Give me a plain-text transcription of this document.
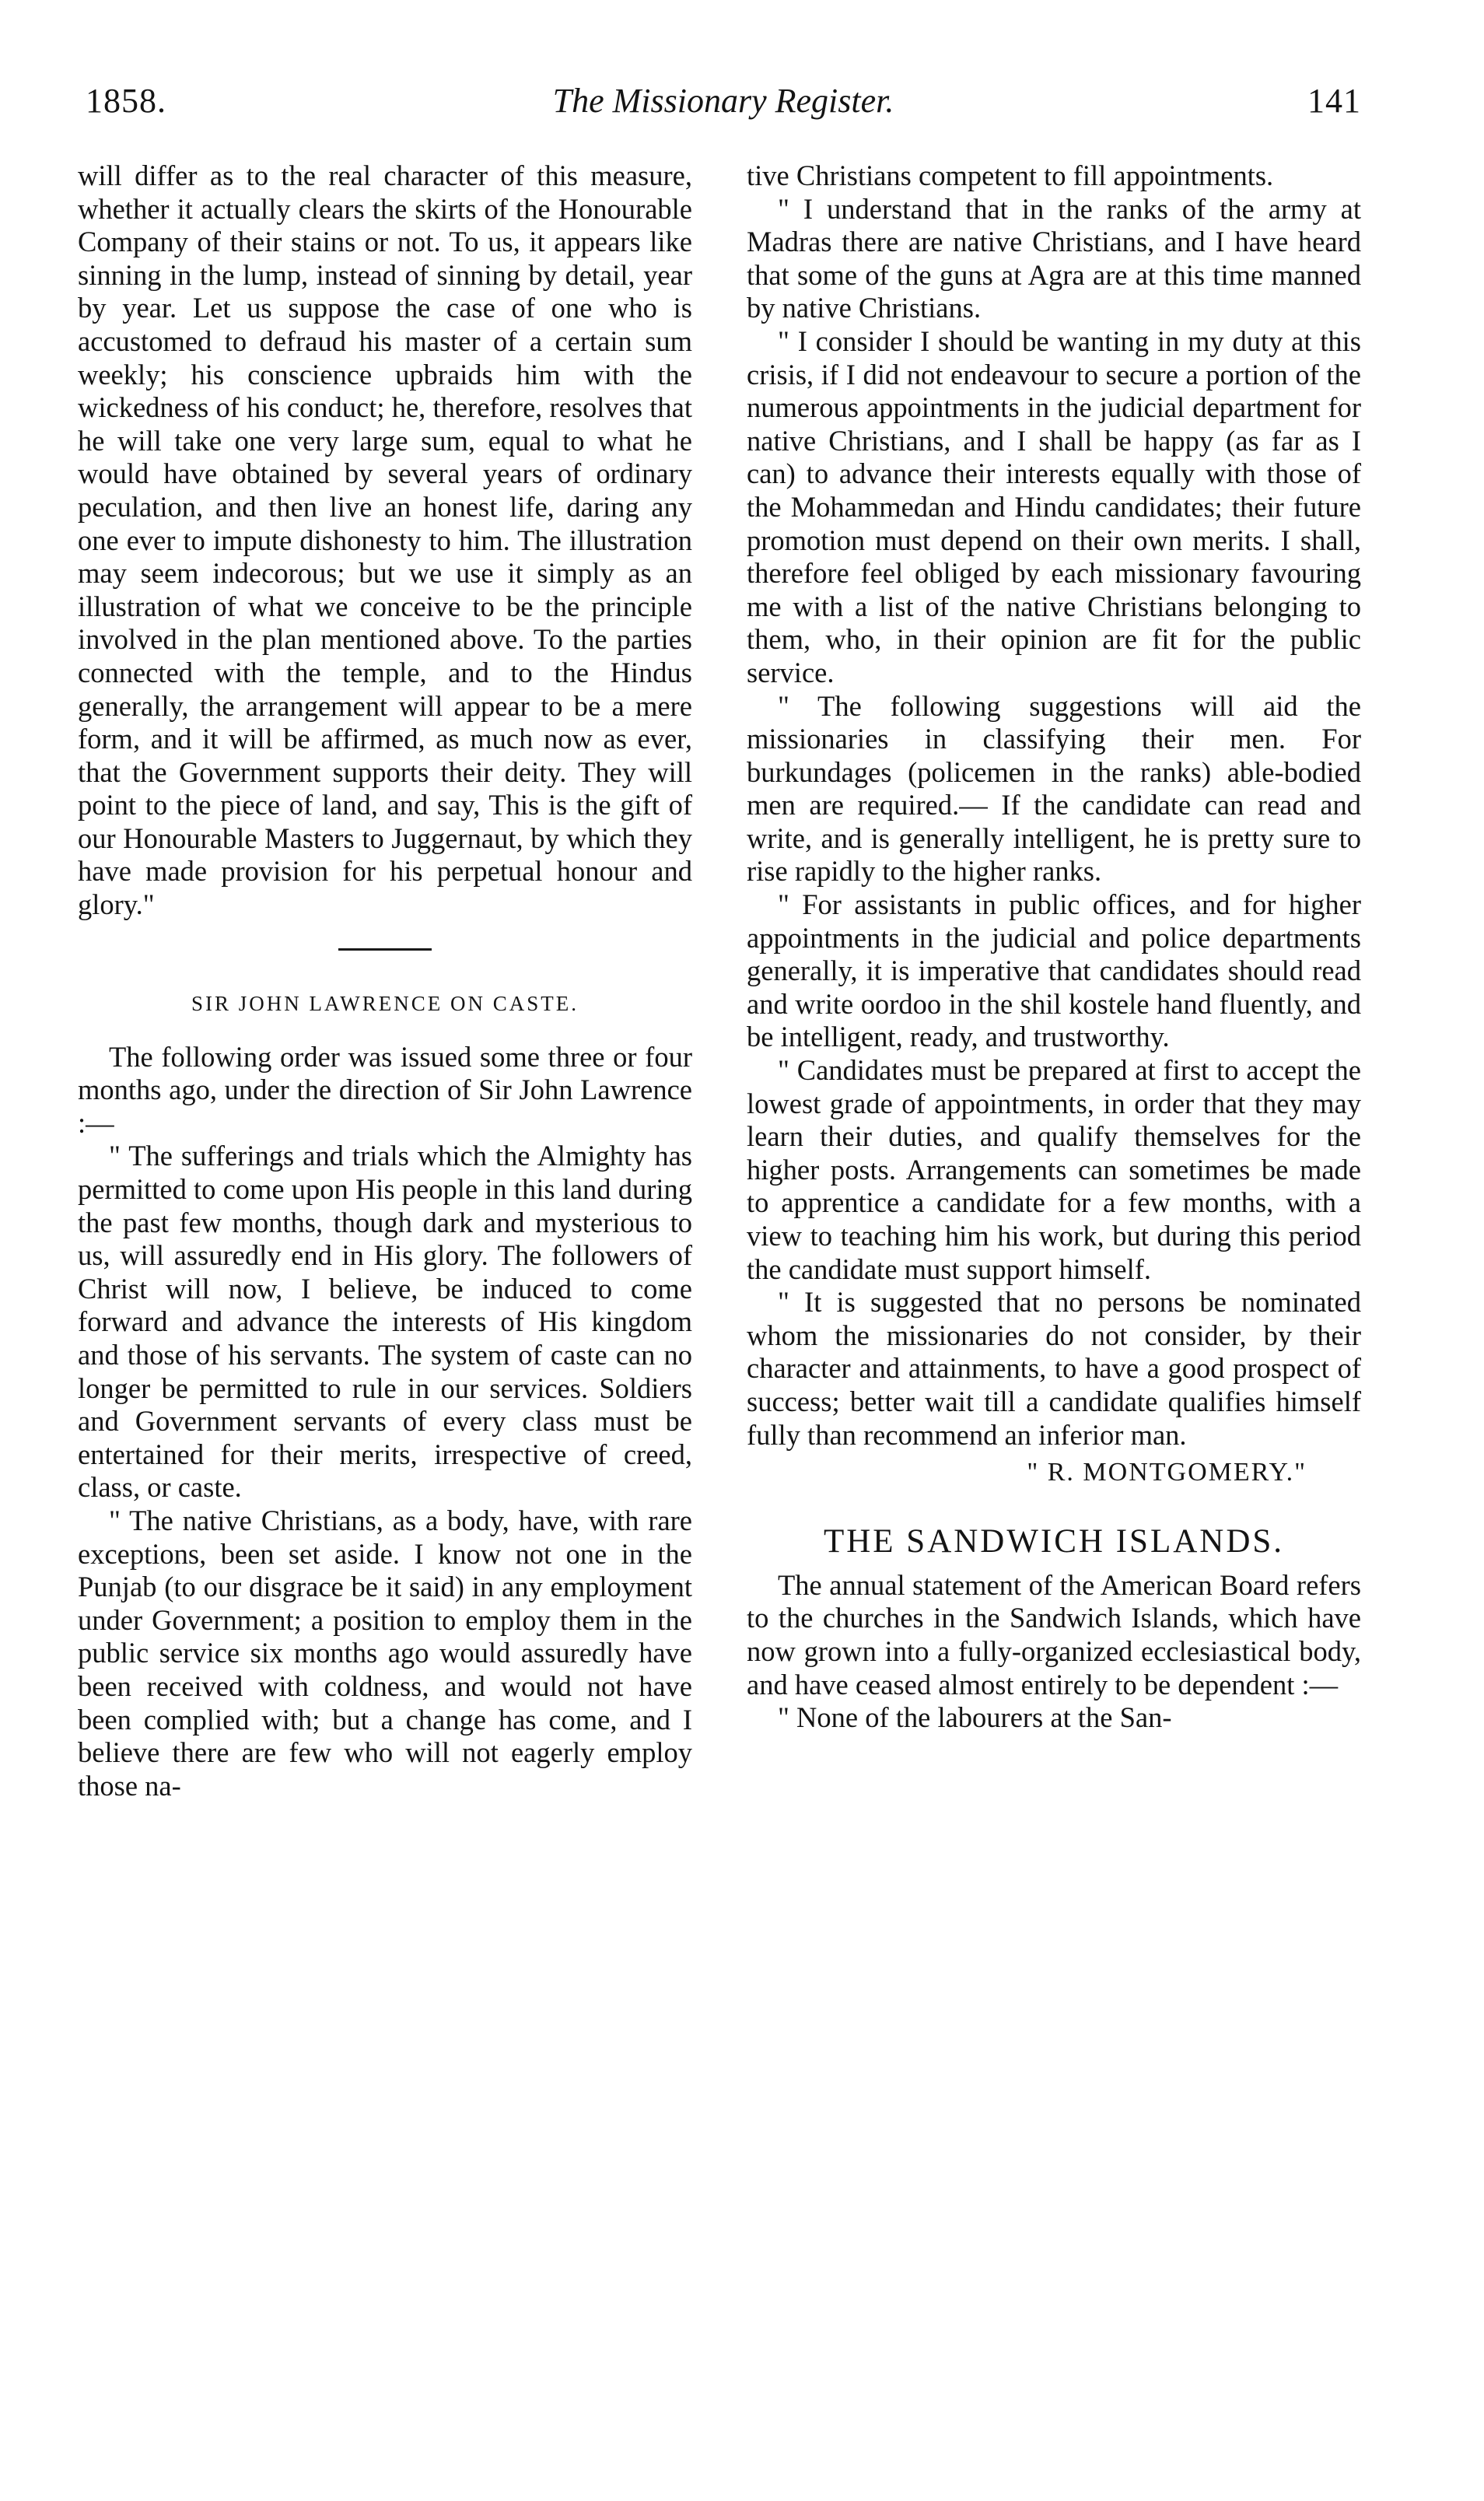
1858.	The Missionary Register.	141

will differ as to the real character of this measure, whether it actually clears the skirts of the Honourable Company of their stains or not. To us, it appears like sinning in the lump, instead of sinning by detail, year by year. Let us suppose the case of one who is accustomed to defraud his master of a certain sum weekly; his conscience upbraids him with the wickedness of his conduct; he, therefore, resolves that he will take one very large sum, equal to what he would have obtained by several years of ordinary peculation, and then live an honest life, daring any one ever to impute dishonesty to him. The illustration may seem indecorous; but we use it simply as an illustration of what we conceive to be the principle involved in the plan mentioned above. To the parties connected with the temple, and to the Hindus generally, the arrangement will appear to be a mere form, and it will be affirmed, as much now as ever, that the Government supports their deity. They will point to the piece of land, and say, This is the gift of our Honourable Masters to Juggernaut, by which they have made provision for his perpetual honour and glory."

SIR JOHN LAWRENCE ON CASTE.

The following order was issued some three or four months ago, under the direction of Sir John Lawrence :—

" The sufferings and trials which the Almighty has permitted to come upon His people in this land during the past few months, though dark and mysterious to us, will assuredly end in His glory. The followers of Christ will now, I believe, be induced to come forward and advance the interests of His kingdom and those of his servants. The system of caste can no longer be permitted to rule in our services. Soldiers and Government servants of every class must be entertained for their merits, irrespective of creed, class, or caste.

" The native Christians, as a body, have, with rare exceptions, been set aside. I know not one in the Punjab (to our disgrace be it said) in any employment under Government; a position to employ them in the public service six months ago would assuredly have been received with coldness, and would not have been complied with; but a change has come, and I believe there are few who will not eagerly employ those na-

tive Christians competent to fill appointments.

" I understand that in the ranks of the army at Madras there are native Christians, and I have heard that some of the guns at Agra are at this time manned by native Christians.

" I consider I should be wanting in my duty at this crisis, if I did not endeavour to secure a portion of the numerous appointments in the judicial department for native Christians, and I shall be happy (as far as I can) to advance their interests equally with those of the Mohammedan and Hindu candidates; their future promotion must depend on their own merits. I shall, therefore feel obliged by each missionary favouring me with a list of the native Christians belonging to them, who, in their opinion are fit for the public service.

" The following suggestions will aid the missionaries in classifying their men. For burkundages (policemen in the ranks) able-bodied men are required.— If the candidate can read and write, and is generally intelligent, he is pretty sure to rise rapidly to the higher ranks.

" For assistants in public offices, and for higher appointments in the judicial and police departments generally, it is imperative that candidates should read and write oordoo in the shil kostele hand fluently, and be intelligent, ready, and trustworthy.

" Candidates must be prepared at first to accept the lowest grade of appointments, in order that they may learn their duties, and qualify themselves for the higher posts. Arrangements can sometimes be made to apprentice a candidate for a few months, with a view to teaching him his work, but during this period the candidate must support himself.

" It is suggested that no persons be nominated whom the missionaries do not consider, by their character and attainments, to have a good prospect of success; better wait till a candidate qualifies himself fully than recommend an inferior man.

" R. MONTGOMERY."
THE SANDWICH ISLANDS.

The annual statement of the American Board refers to the churches in the Sandwich Islands, which have now grown into a fully-organized ecclesiastical body, and have ceased almost entirely to be dependent :—

" None of the labourers at the San-
